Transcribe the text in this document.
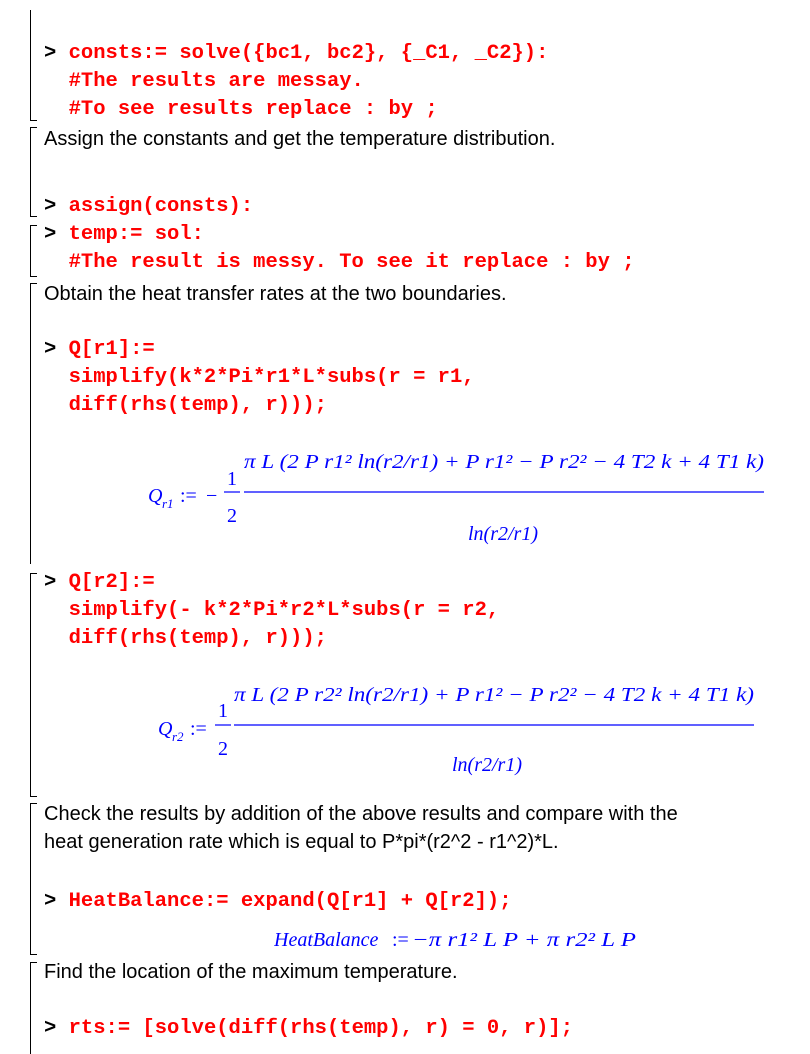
> consts:= solve({bc1, bc2}, {_C1, _C2}):
#The results are messay.
#To see results replace : by ;
Assign the constants and get the temperature distribution.
> assign(consts):
> temp:= sol:
#The result is messy. To see it replace : by ;
Obtain the heat transfer rates at the two boundaries.
> Q[r1]:=
simplify(k*2*Pi*r1*L*subs(r = r1,
diff(rhs(temp), r)));
Q r1 := −
1
2
π L (2 P r1² ln(r2/r1) + P r1² − P r2² − 4 T2 k + 4 T1 k)
ln(r2/r1)
> Q[r2]:=
simplify(- k*2*Pi*r2*L*subs(r = r2,
diff(rhs(temp), r)));
Q r2 :=
1
2
π L (2 P r2² ln(r2/r1) + P r1² − P r2² − 4 T2 k + 4 T1 k)
ln(r2/r1)
Check the results by addition of the above results and compare with the
heat generation rate which is equal to P*pi*(r2^2 - r1^2)*L.
> HeatBalance:= expand(Q[r1] + Q[r2]);
HeatBalance := −π r1² L P + π r2² L P
Find the location of the maximum temperature.
> rts:= [solve(diff(rhs(temp), r) = 0, r)];
